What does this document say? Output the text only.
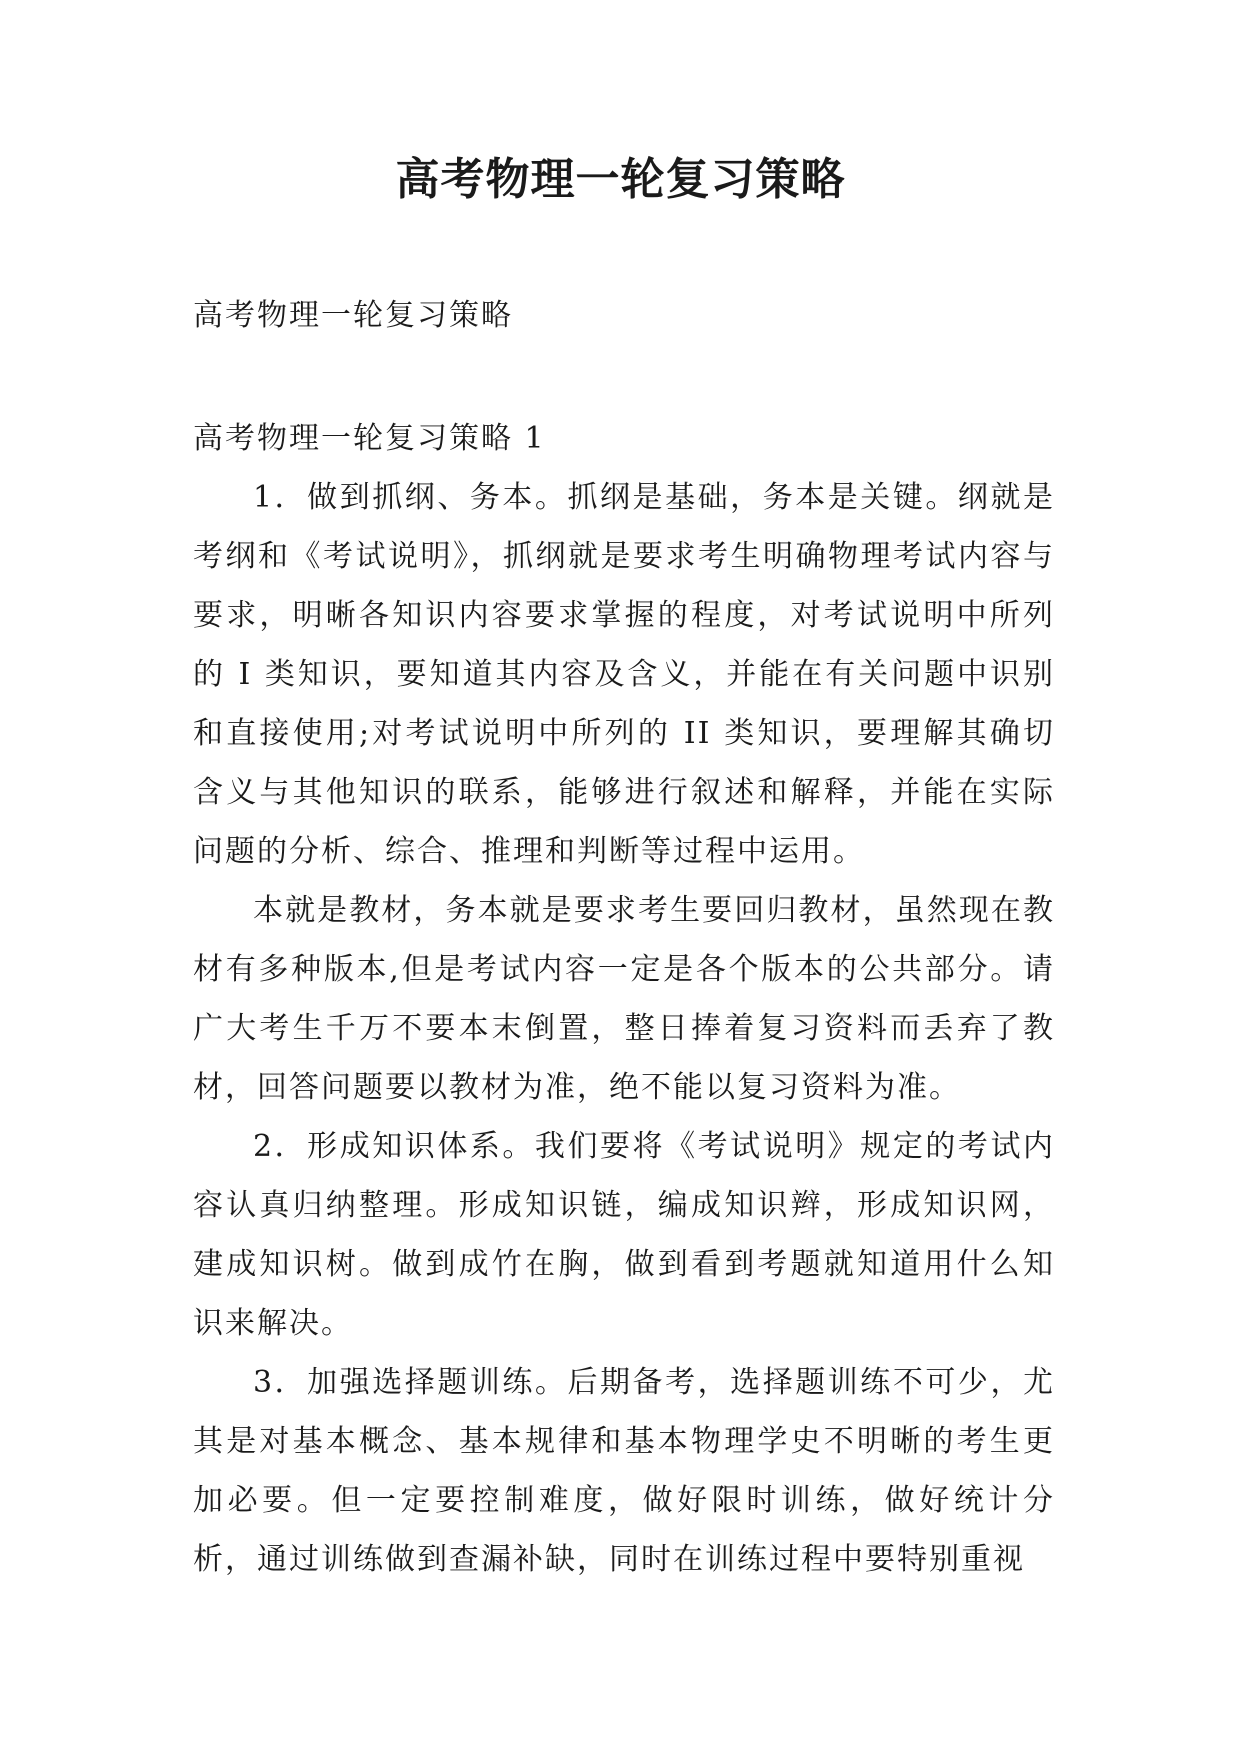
高考物理一轮复习策略

高考物理一轮复习策略

高考物理一轮复习策略 1

1．做到抓纲、务本。抓纲是基础，务本是关键。纲就是考纲和《考试说明》，抓纲就是要求考生明确物理考试内容与要求，明晰各知识内容要求掌握的程度，对考试说明中所列的 I 类知识，要知道其内容及含义，并能在有关问题中识别和直接使用;对考试说明中所列的 II 类知识，要理解其确切含义与其他知识的联系，能够进行叙述和解释，并能在实际问题的分析、综合、推理和判断等过程中运用。

本就是教材，务本就是要求考生要回归教材，虽然现在教材有多种版本,但是考试内容一定是各个版本的公共部分。请广大考生千万不要本末倒置，整日捧着复习资料而丢弃了教材，回答问题要以教材为准，绝不能以复习资料为准。

2．形成知识体系。我们要将《考试说明》规定的考试内容认真归纳整理。形成知识链，编成知识辫，形成知识网，建成知识树。做到成竹在胸，做到看到考题就知道用什么知识来解决。

3．加强选择题训练。后期备考，选择题训练不可少，尤其是对基本概念、基本规律和基本物理学史不明晰的考生更加必要。但一定要控制难度，做好限时训练，做好统计分析，通过训练做到查漏补缺，同时在训练过程中要特别重视
